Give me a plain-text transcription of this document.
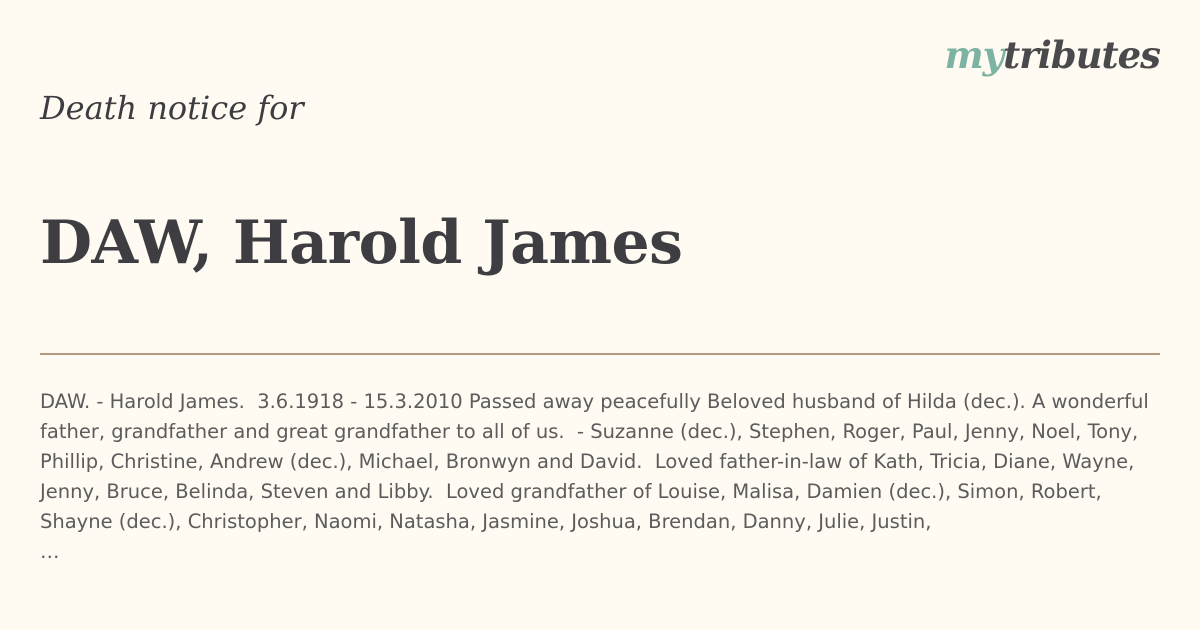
mytributes
Death notice for
DAW, Harold James

DAW. - Harold James.  3.6.1918 - 15.3.2010 Passed away peacefully Beloved husband of Hilda (dec.). A wonderful father, grandfather and great grandfather to all of us.  - Suzanne (dec.), Stephen, Roger, Paul, Jenny, Noel, Tony, Phillip, Christine, Andrew (dec.), Michael, Bronwyn and David.  Loved father-in-law of Kath, Tricia, Diane, Wayne, Jenny, Bruce, Belinda, Steven and Libby.  Loved grandfather of Louise, Malisa, Damien (dec.), Simon, Robert, Shayne (dec.), Christopher, Naomi, Natasha, Jasmine, Joshua, Brendan, Danny, Julie, Justin,
…
